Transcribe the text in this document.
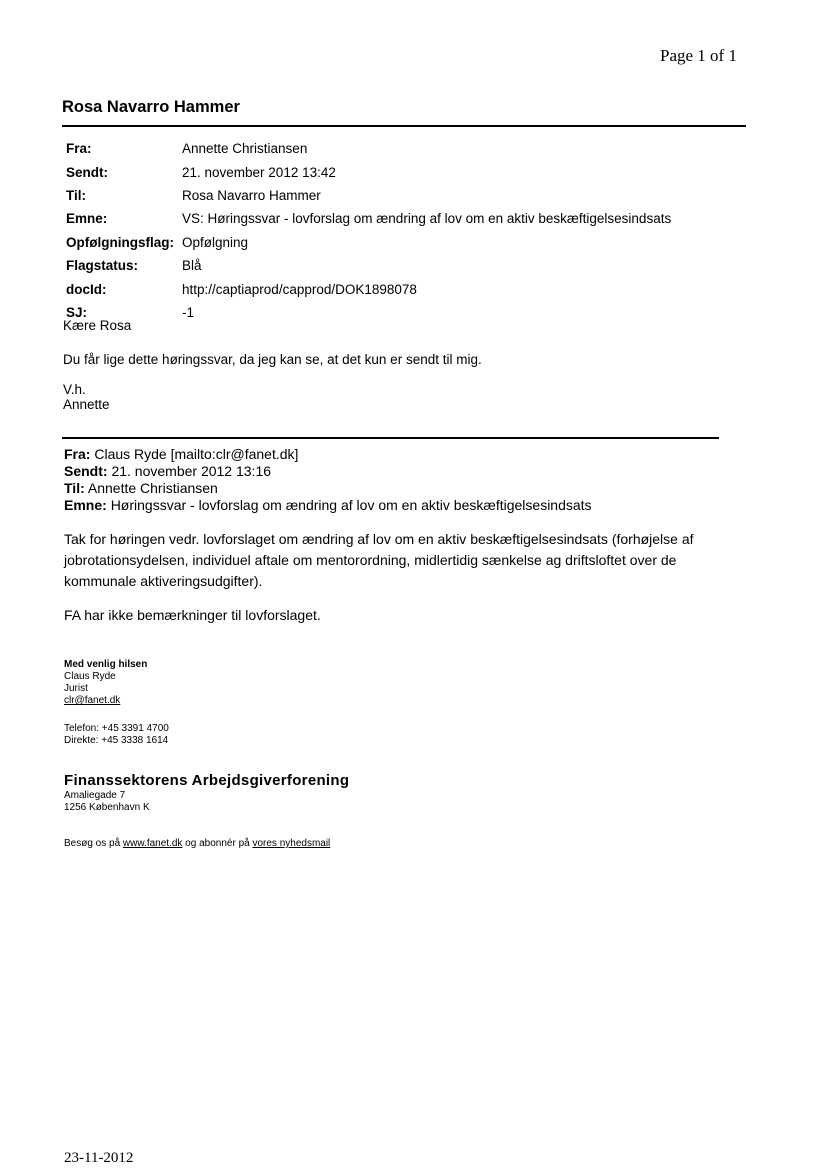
Page 1 of 1
Rosa Navarro Hammer
Fra:	Annette Christiansen
Sendt:	21. november 2012 13:42
Til:	Rosa Navarro Hammer
Emne:	VS: Høringssvar - lovforslag om ændring af lov om en aktiv beskæftigelsesindsats
Opfølgningsflag: Opfølgning
Flagstatus:	Blå
docId:	http://captiaprod/capprod/DOK1898078
SJ:	-1
Kære Rosa
Du får lige dette høringssvar, da jeg kan se, at det kun er sendt til mig.
V.h.
Annette
Fra: Claus Ryde [mailto:clr@fanet.dk]
Sendt: 21. november 2012 13:16
Til: Annette Christiansen
Emne: Høringssvar - lovforslag om ændring af lov om en aktiv beskæftigelsesindsats
Tak for høringen vedr. lovforslaget om ændring af lov om en aktiv beskæftigelsesindsats (forhøjelse af
jobrotationsydelsen, individuel aftale om mentorordning, midlertidig sænkelse ag driftsloftet over de
kommunale aktiveringsudgifter).
FA har ikke bemærkninger til lovforslaget.
Med venlig hilsen
Claus Ryde
Jurist
clr@fanet.dk
Telefon: +45 3391 4700
Direkte: +45 3338 1614
Finanssektorens Arbejdsgiverforening
Amaliegade 7
1256 København K
Besøg os på www.fanet.dk og abonnér på vores nyhedsmail
23-11-2012
